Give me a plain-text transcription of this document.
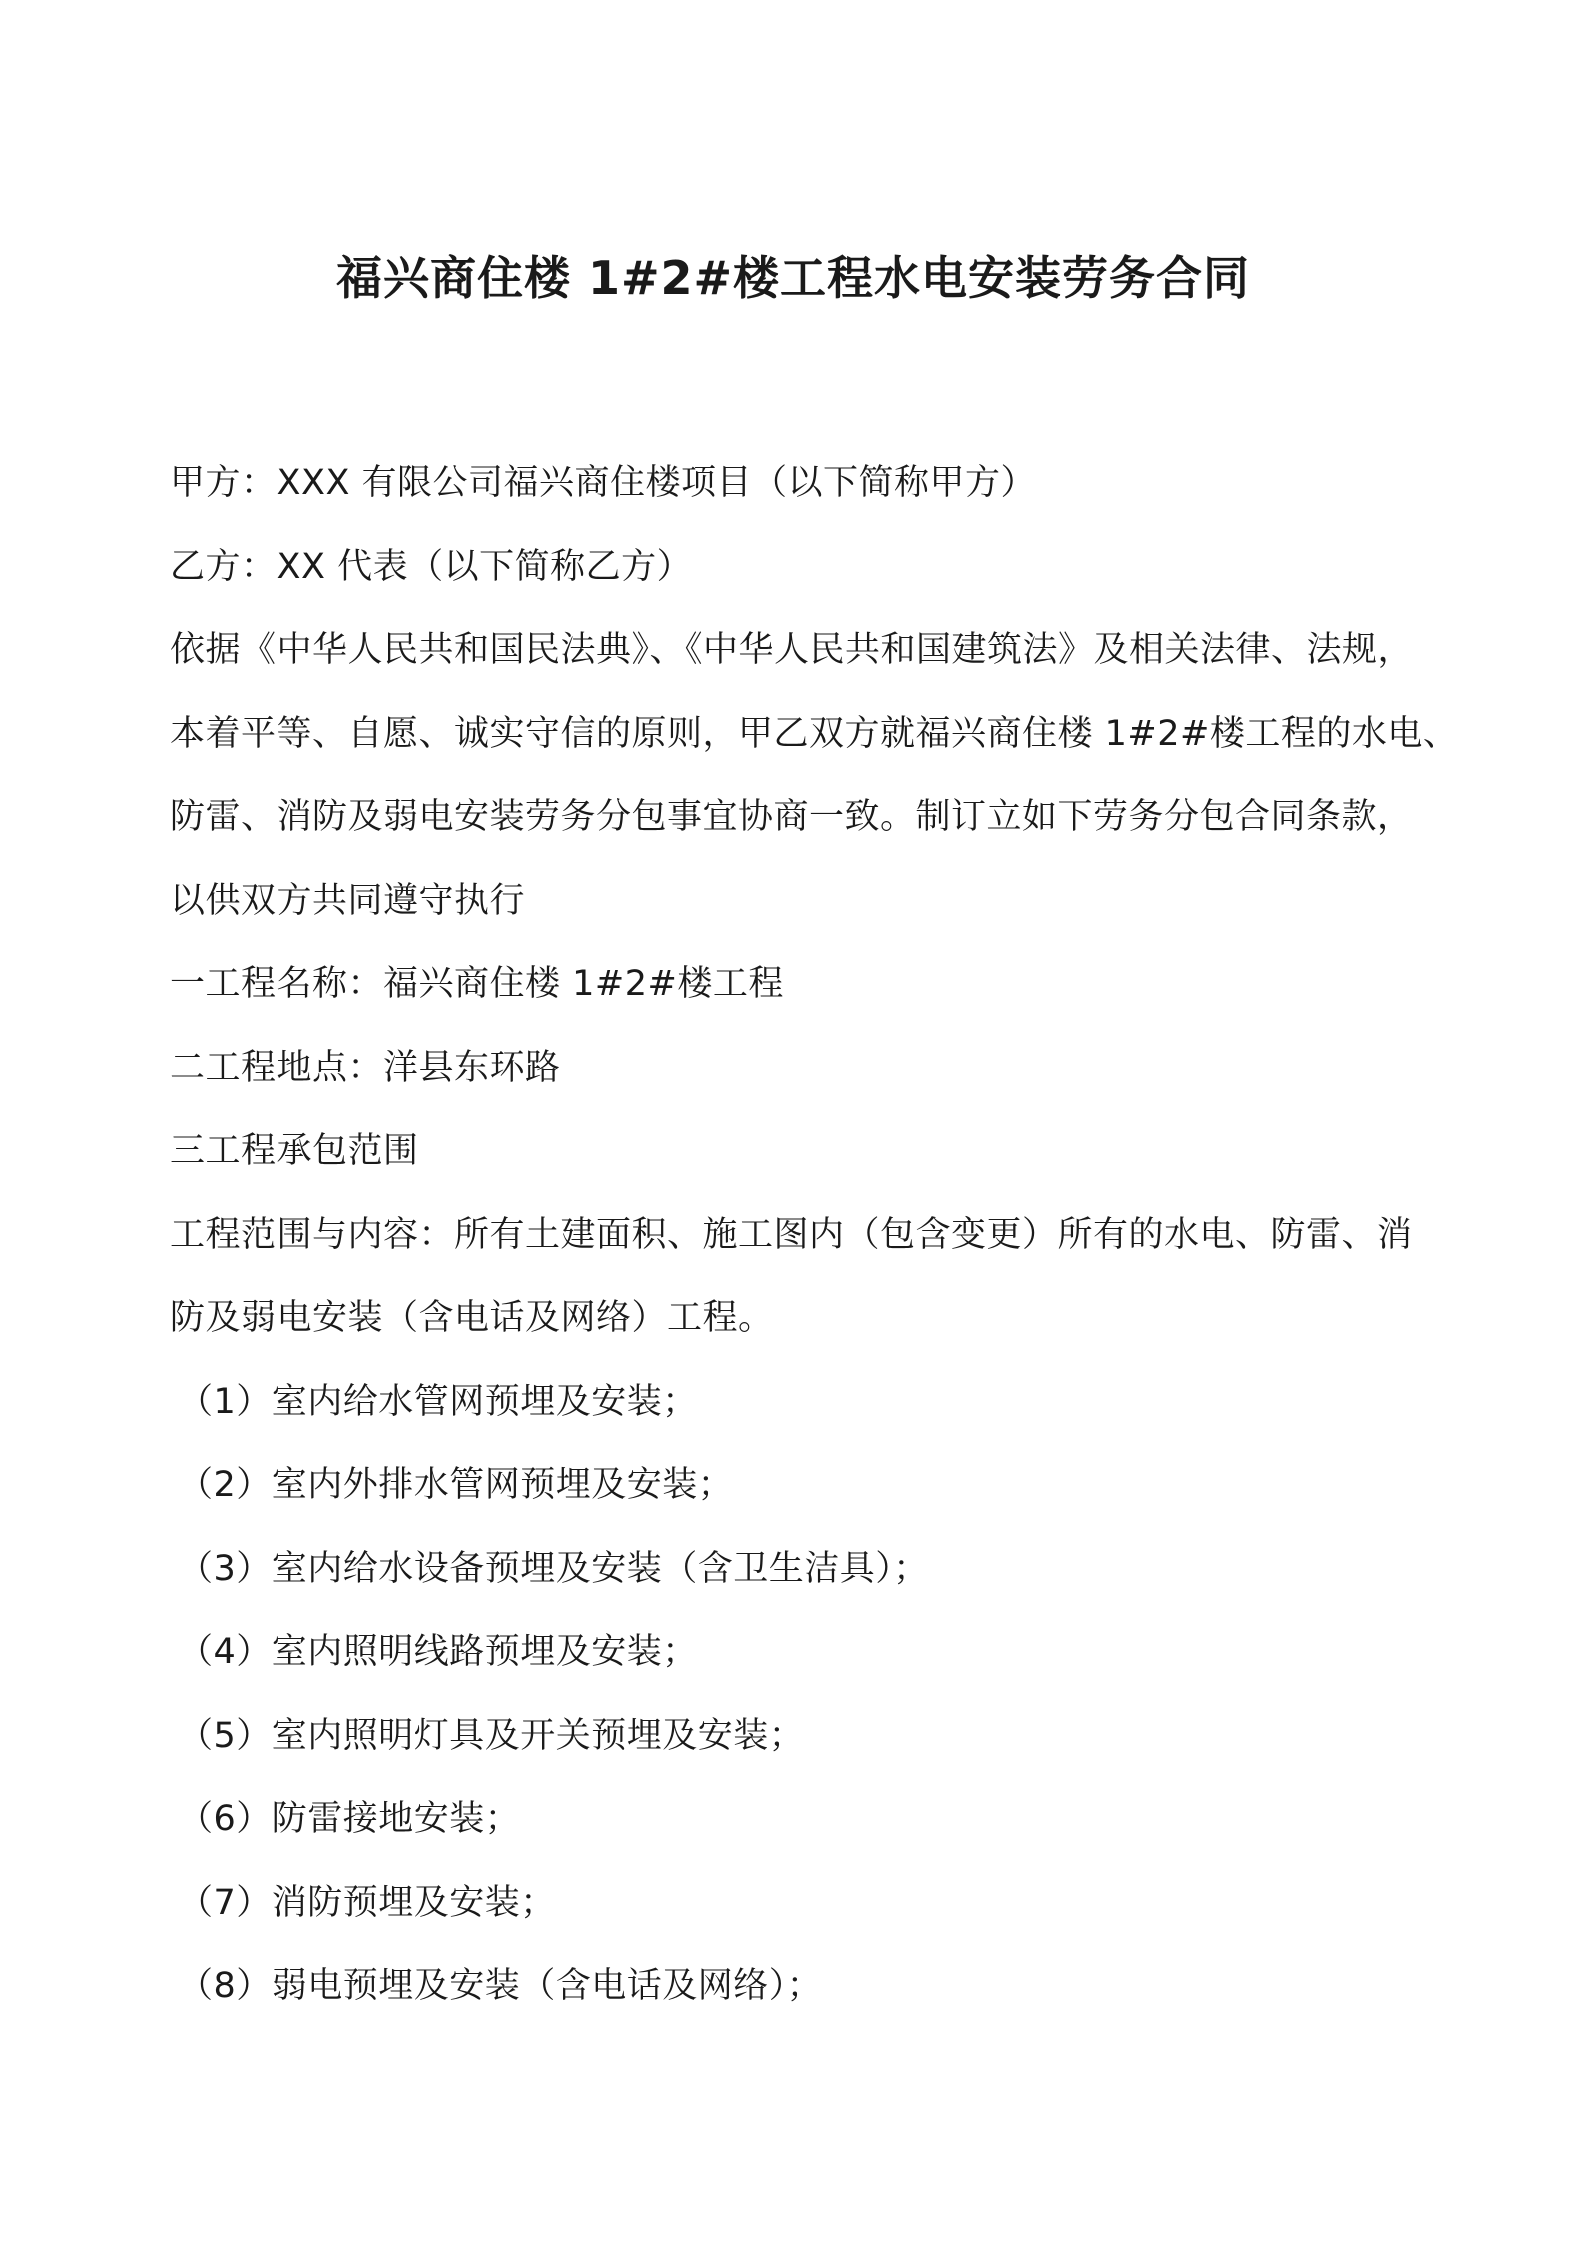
福兴商住楼 1#2#楼工程水电安装劳务合同
甲方：XXX 有限公司福兴商住楼项目（以下简称甲方）
乙方：XX 代表（以下简称乙方）
依据《中华人民共和国民法典》、《中华人民共和国建筑法》及相关法律、法规，
本着平等、自愿、诚实守信的原则，甲乙双方就福兴商住楼 1#2#楼工程的水电、
防雷、消防及弱电安装劳务分包事宜协商一致。制订立如下劳务分包合同条款，
以供双方共同遵守执行
一工程名称：福兴商住楼 1#2#楼工程
二工程地点：洋县东环路
三工程承包范围
工程范围与内容：所有土建面积、施工图内（包含变更）所有的水电、防雷、消
防及弱电安装（含电话及网络）工程。
（1）室内给水管网预埋及安装；
（2）室内外排水管网预埋及安装；
（3）室内给水设备预埋及安装（含卫生洁具）；
（4）室内照明线路预埋及安装；
（5）室内照明灯具及开关预埋及安装；
（6）防雷接地安装；
（7）消防预埋及安装；
（8）弱电预埋及安装（含电话及网络）；
